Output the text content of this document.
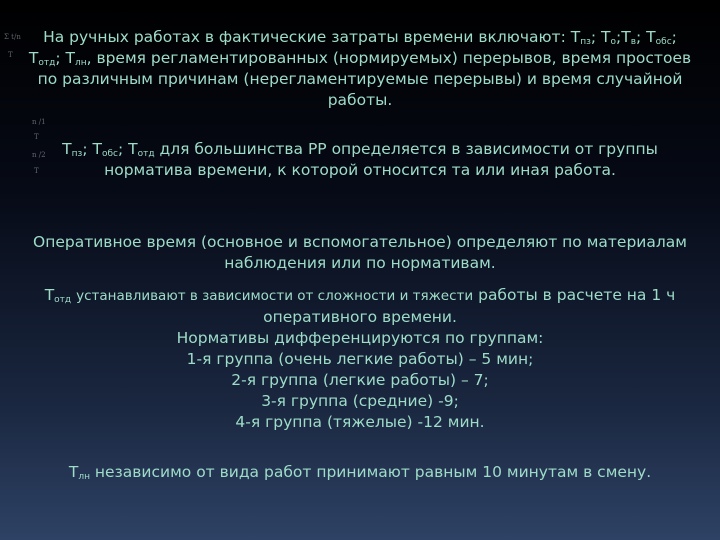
Σ t/n
Т
n /1
Т
n /2
Т

На ручных работах в фактические затраты времени включают: $Т_{пз}$; $Т_о;Т_в$; $Т_{обс}$; $Т_{отд}$; $Т_{лн}$, время регламентированных (нормируемых) перерывов, время простоев по различным причинам (нерегламентируемые перерывы) и время случайной работы.

$Т_{пз}$; $Т_{обс}$; $Т_{отд}$ для большинства РР определяется в зависимости от группы норматива времени, к которой относится та или иная работа.

Оперативное время (основное и вспомогательное) определяют по материалам наблюдения или по нормативам.

$Т_{отд}$ устанавливают в зависимости от сложности и тяжести работы в расчете на 1 ч оперативного времени.
Нормативы дифференцируются по группам:
1-я группа (очень легкие работы) – 5 мин;
2-я группа (легкие работы) – 7;
3-я группа (средние) -9;
4-я группа (тяжелые) -12 мин.

$Т_{лн}$ независимо от вида работ принимают равным 10 минутам в смену.
